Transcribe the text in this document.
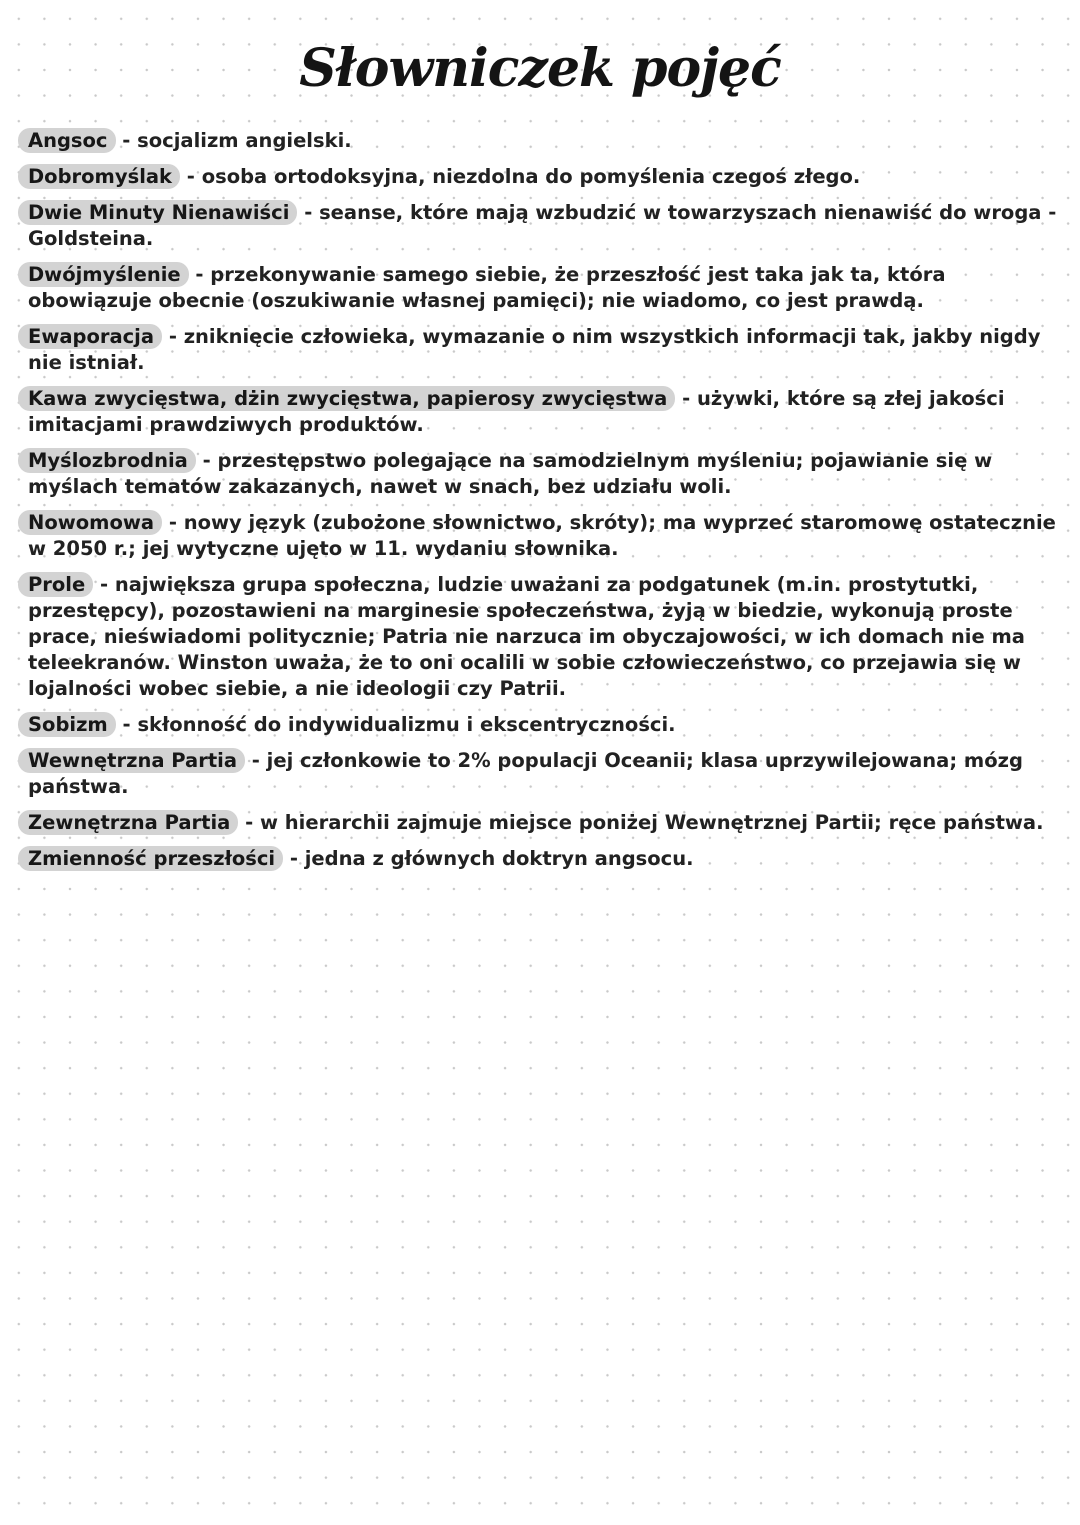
Słowniczek pojęć

Angsoc - socjalizm angielski.

Dobromyślak - osoba ortodoksyjna, niezdolna do pomyślenia czegoś złego.

Dwie Minuty Nienawiści - seanse, które mają wzbudzić w towarzyszach nienawiść do wroga - Goldsteina.

Dwójmyślenie - przekonywanie samego siebie, że przeszłość jest taka jak ta, która obowiązuje obecnie (oszukiwanie własnej pamięci); nie wiadomo, co jest prawdą.

Ewaporacja - zniknięcie człowieka, wymazanie o nim wszystkich informacji tak, jakby nigdy nie istniał.

Kawa zwycięstwa, dżin zwycięstwa, papierosy zwycięstwa - używki, które są złej jakości imitacjami prawdziwych produktów.

Myślozbrodnia - przestępstwo polegające na samodzielnym myśleniu; pojawianie się w myślach tematów zakazanych, nawet w snach, bez udziału woli.

Nowomowa - nowy język (zubożone słownictwo, skróty); ma wyprzeć staromowę ostatecznie w 2050 r.; jej wytyczne ujęto w 11. wydaniu słownika.

Prole - największa grupa społeczna, ludzie uważani za podgatunek (m.in. prostytutki, przestępcy), pozostawieni na marginesie społeczeństwa, żyją w biedzie, wykonują proste prace, nieświadomi politycznie; Patria nie narzuca im obyczajowości, w ich domach nie ma teleekranów. Winston uważa, że to oni ocalili w sobie człowieczeństwo, co przejawia się w lojalności wobec siebie, a nie ideologii czy Patrii.

Sobizm - skłonność do indywidualizmu i ekscentryczności.

Wewnętrzna Partia - jej członkowie to 2% populacji Oceanii; klasa uprzywilejowana; mózg państwa.

Zewnętrzna Partia - w hierarchii zajmuje miejsce poniżej Wewnętrznej Partii; ręce państwa.

Zmienność przeszłości - jedna z głównych doktryn angsocu.
